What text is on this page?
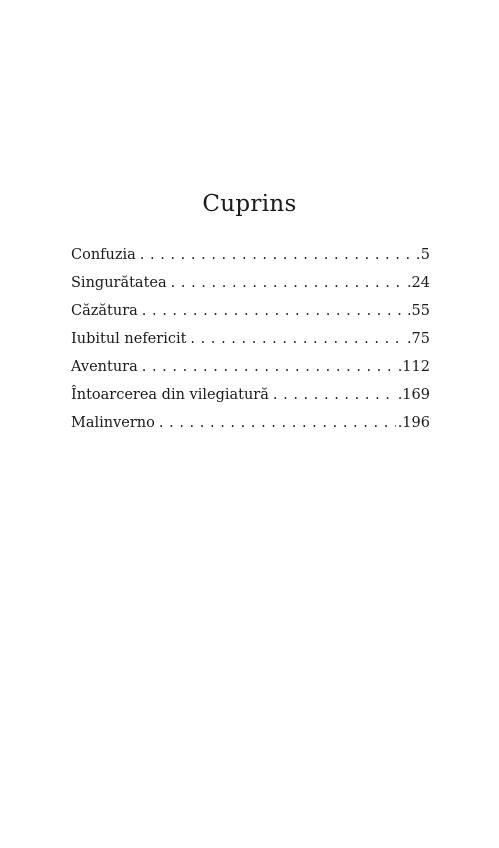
Cuprins
Confuzia . . .	5
Singurătatea . . .	.24
Căzătura . . .	.55
Iubitul nefericit . . .	.75
Aventura . . .	.112
Întoarcerea din vilegiatură . . .	.169
Malinverno . . .	.196
